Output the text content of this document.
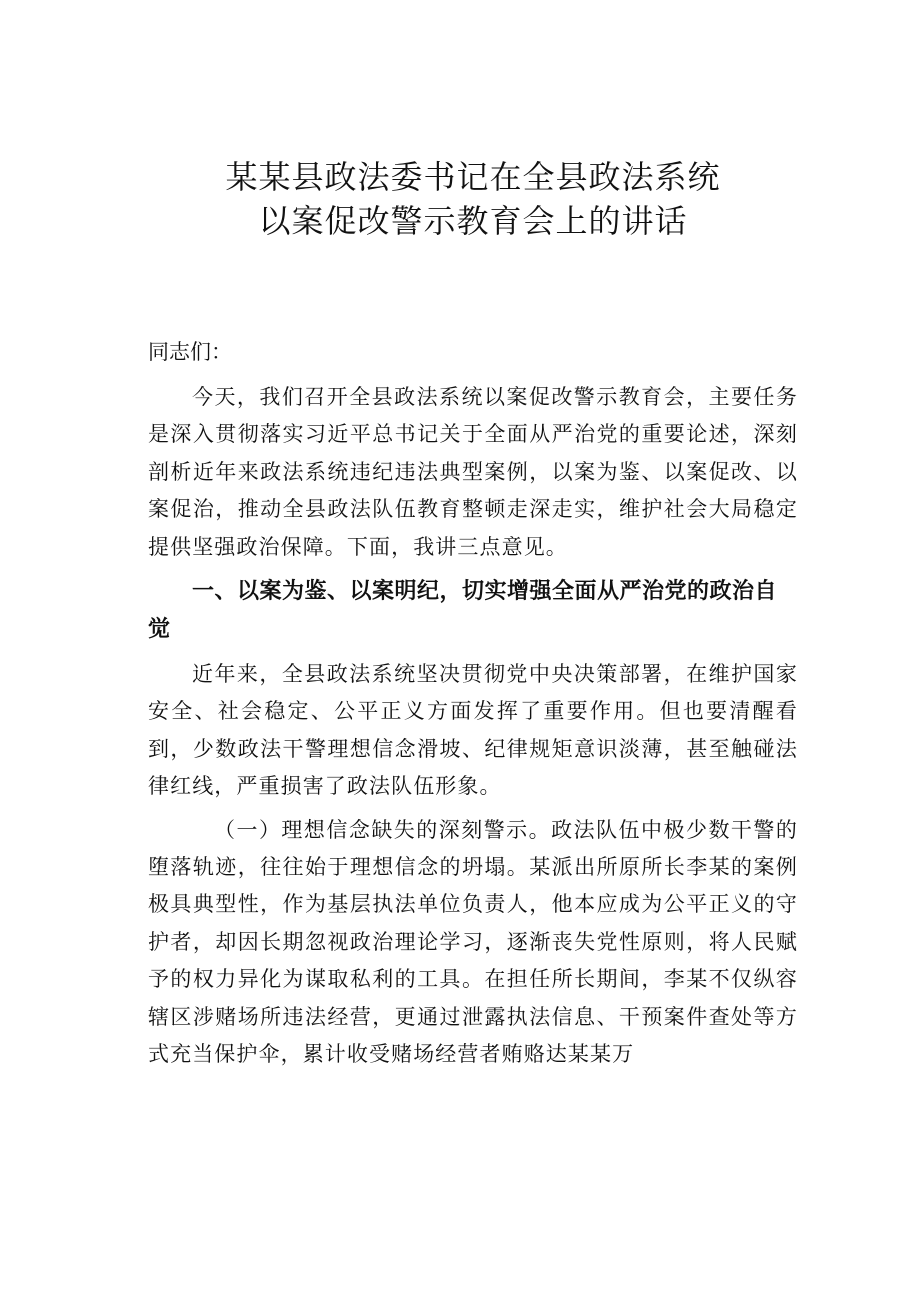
某某县政法委书记在全县政法系统
以案促改警示教育会上的讲话

同志们：

今天，我们召开全县政法系统以案促改警示教育会，主要任务是深入贯彻落实习近平总书记关于全面从严治党的重要论述，深刻剖析近年来政法系统违纪违法典型案例，以案为鉴、以案促改、以案促治，推动全县政法队伍教育整顿走深走实，维护社会大局稳定提供坚强政治保障。下面，我讲三点意见。

一、以案为鉴、以案明纪，切实增强全面从严治党的政治自觉

近年来，全县政法系统坚决贯彻党中央决策部署，在维护国家安全、社会稳定、公平正义方面发挥了重要作用。但也要清醒看到，少数政法干警理想信念滑坡、纪律规矩意识淡薄，甚至触碰法律红线，严重损害了政法队伍形象。

（一）理想信念缺失的深刻警示。政法队伍中极少数干警的堕落轨迹，往往始于理想信念的坍塌。某派出所原所长李某的案例极具典型性，作为基层执法单位负责人，他本应成为公平正义的守护者，却因长期忽视政治理论学习，逐渐丧失党性原则，将人民赋予的权力异化为谋取私利的工具。在担任所长期间，李某不仅纵容辖区涉赌场所违法经营，更通过泄露执法信息、干预案件查处等方式充当保护伞，累计收受赌场经营者贿赂达某某万
